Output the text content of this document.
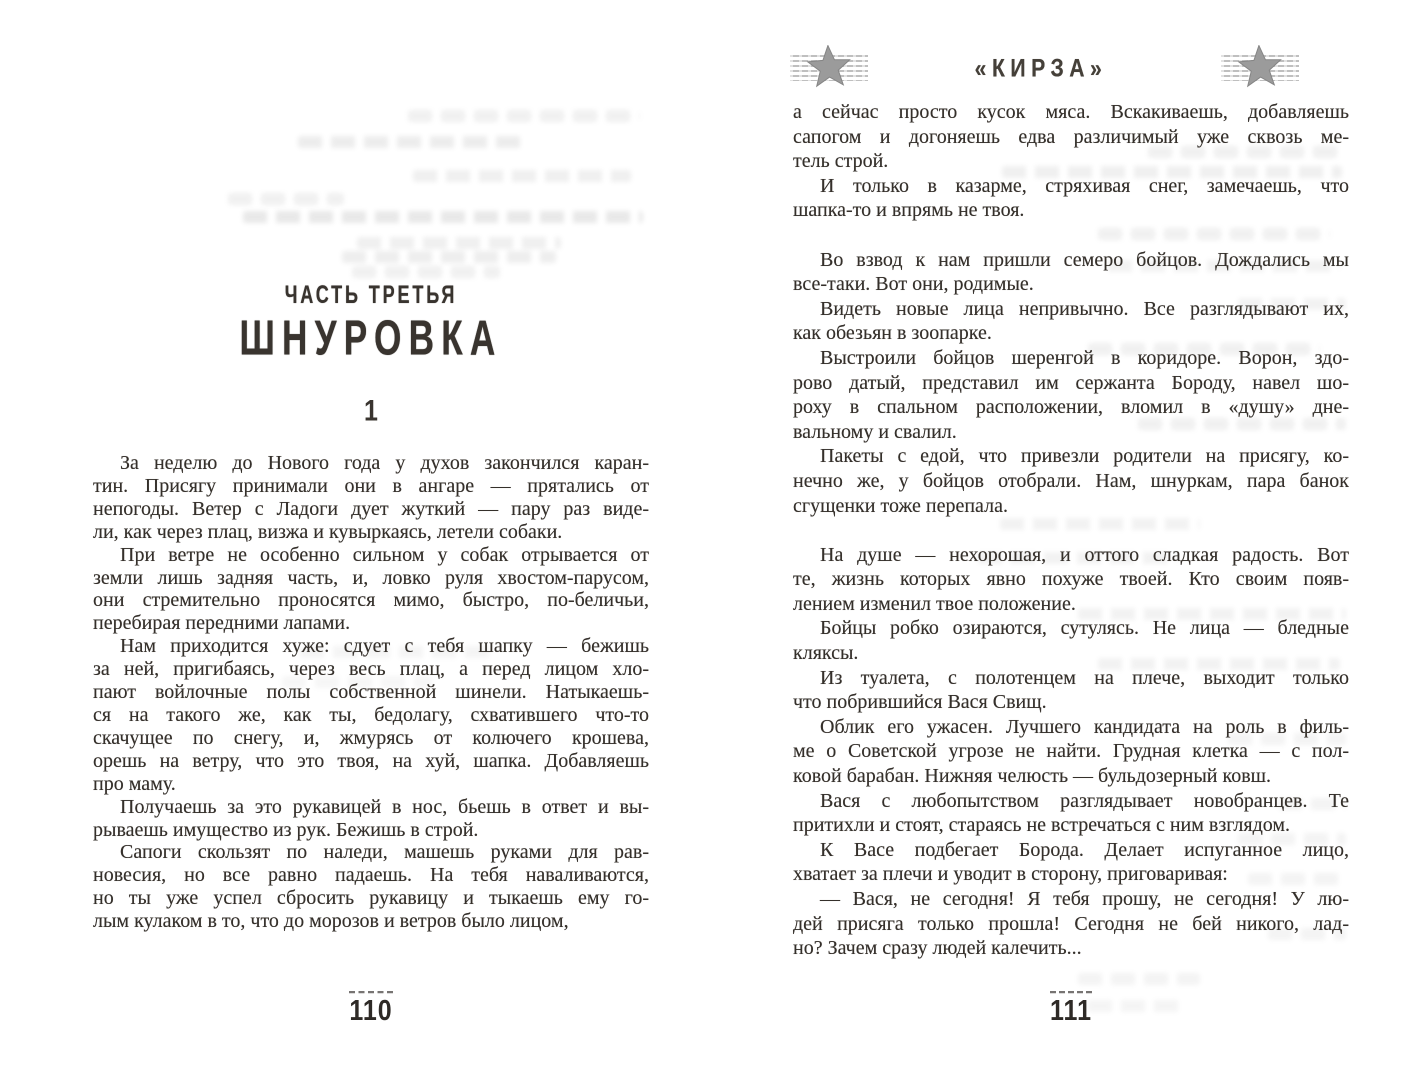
ЧАСТЬ ТРЕТЬЯ
ШНУРОВКА
1
За неделю до Нового года у духов закончился каран-
тин. Присягу принимали они в ангаре — прятались от
непогоды. Ветер с Ладоги дует жуткий — пару раз виде-
ли, как через плац, визжа и кувыркаясь, летели собаки.
При ветре не особенно сильном у собак отрывается от
земли лишь задняя часть, и, ловко руля хвостом-парусом,
они стремительно проносятся мимо, быстро, по-беличьи,
перебирая передними лапами.
Нам приходится хуже: сдует с тебя шапку — бежишь
за ней, пригибаясь, через весь плац, а перед лицом хло-
пают войлочные полы собственной шинели. Натыкаешь-
ся на такого же, как ты, бедолагу, схватившего что-то
скачущее по снегу, и, жмурясь от колючего крошева,
орешь на ветру, что это твоя, на хуй, шапка. Добавляешь
про маму.
Получаешь за это рукавицей в нос, бьешь в ответ и вы-
рываешь имущество из рук. Бежишь в строй.
Сапоги скользят по наледи, машешь руками для рав-
новесия, но все равно падаешь. На тебя наваливаются,
но ты уже успел сбросить рукавицу и тыкаешь ему го-
лым кулаком в то, что до морозов и ветров было лицом,
110
«КИРЗА»
а сейчас просто кусок мяса. Вскакиваешь, добавляешь
сапогом и догоняешь едва различимый уже сквозь ме-
тель строй.
И только в казарме, стряхивая снег, замечаешь, что
шапка-то и впрямь не твоя.
Во взвод к нам пришли семеро бойцов. Дождались мы
все-таки. Вот они, родимые.
Видеть новые лица непривычно. Все разглядывают их,
как обезьян в зоопарке.
Выстроили бойцов шеренгой в коридоре. Ворон, здо-
рово датый, представил им сержанта Бороду, навел шо-
роху в спальном расположении, вломил в «душу» дне-
вальному и свалил.
Пакеты с едой, что привезли родители на присягу, ко-
нечно же, у бойцов отобрали. Нам, шнуркам, пара банок
сгущенки тоже перепала.
На душе — нехорошая, и оттого сладкая радость. Вот
те, жизнь которых явно похуже твоей. Кто своим появ-
лением изменил твое положение.
Бойцы робко озираются, сутулясь. Не лица — бледные
кляксы.
Из туалета, с полотенцем на плече, выходит только
что побрившийся Вася Свищ.
Облик его ужасен. Лучшего кандидата на роль в филь-
ме о Советской угрозе не найти. Грудная клетка — с пол-
ковой барабан. Нижняя челюсть — бульдозерный ковш.
Вася с любопытством разглядывает новобранцев. Те
притихли и стоят, стараясь не встречаться с ним взглядом.
К Васе подбегает Борода. Делает испуганное лицо,
хватает за плечи и уводит в сторону, приговаривая:
— Вася, не сегодня! Я тебя прошу, не сегодня! У лю-
дей присяга только прошла! Сегодня не бей никого, лад-
но? Зачем сразу людей калечить...
111
